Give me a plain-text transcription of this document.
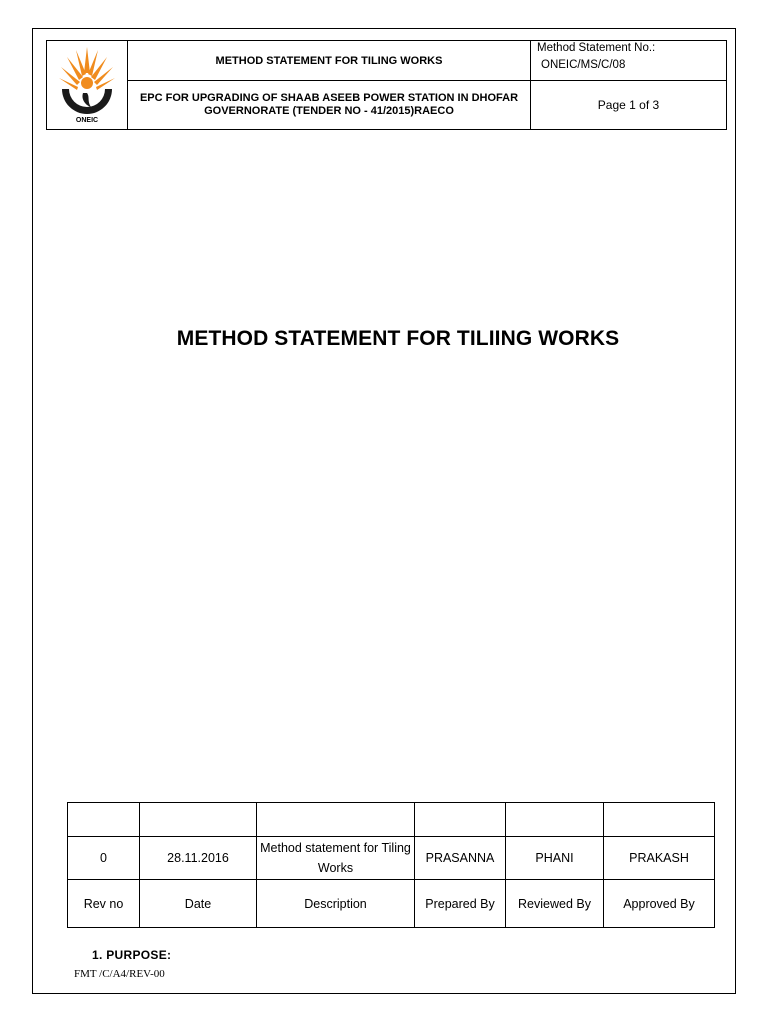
ONEIC	METHOD STATEMENT FOR TILING WORKS	Method Statement No.:
ONEIC/MS/C/08

	EPC FOR UPGRADING OF SHAAB ASEEB POWER STATION IN DHOFAR GOVERNORATE (TENDER NO - 41/2015)RAECO	Page 1 of 3
METHOD STATEMENT FOR TILIING WORKS

0	28.11.2016	Method statement for Tiling Works	PRASANNA	PHANI	PRAKASH
Rev no	Date	Description	Prepared By	Reviewed By	Approved By
1. PURPOSE:
FMT /C/A4/REV-00
